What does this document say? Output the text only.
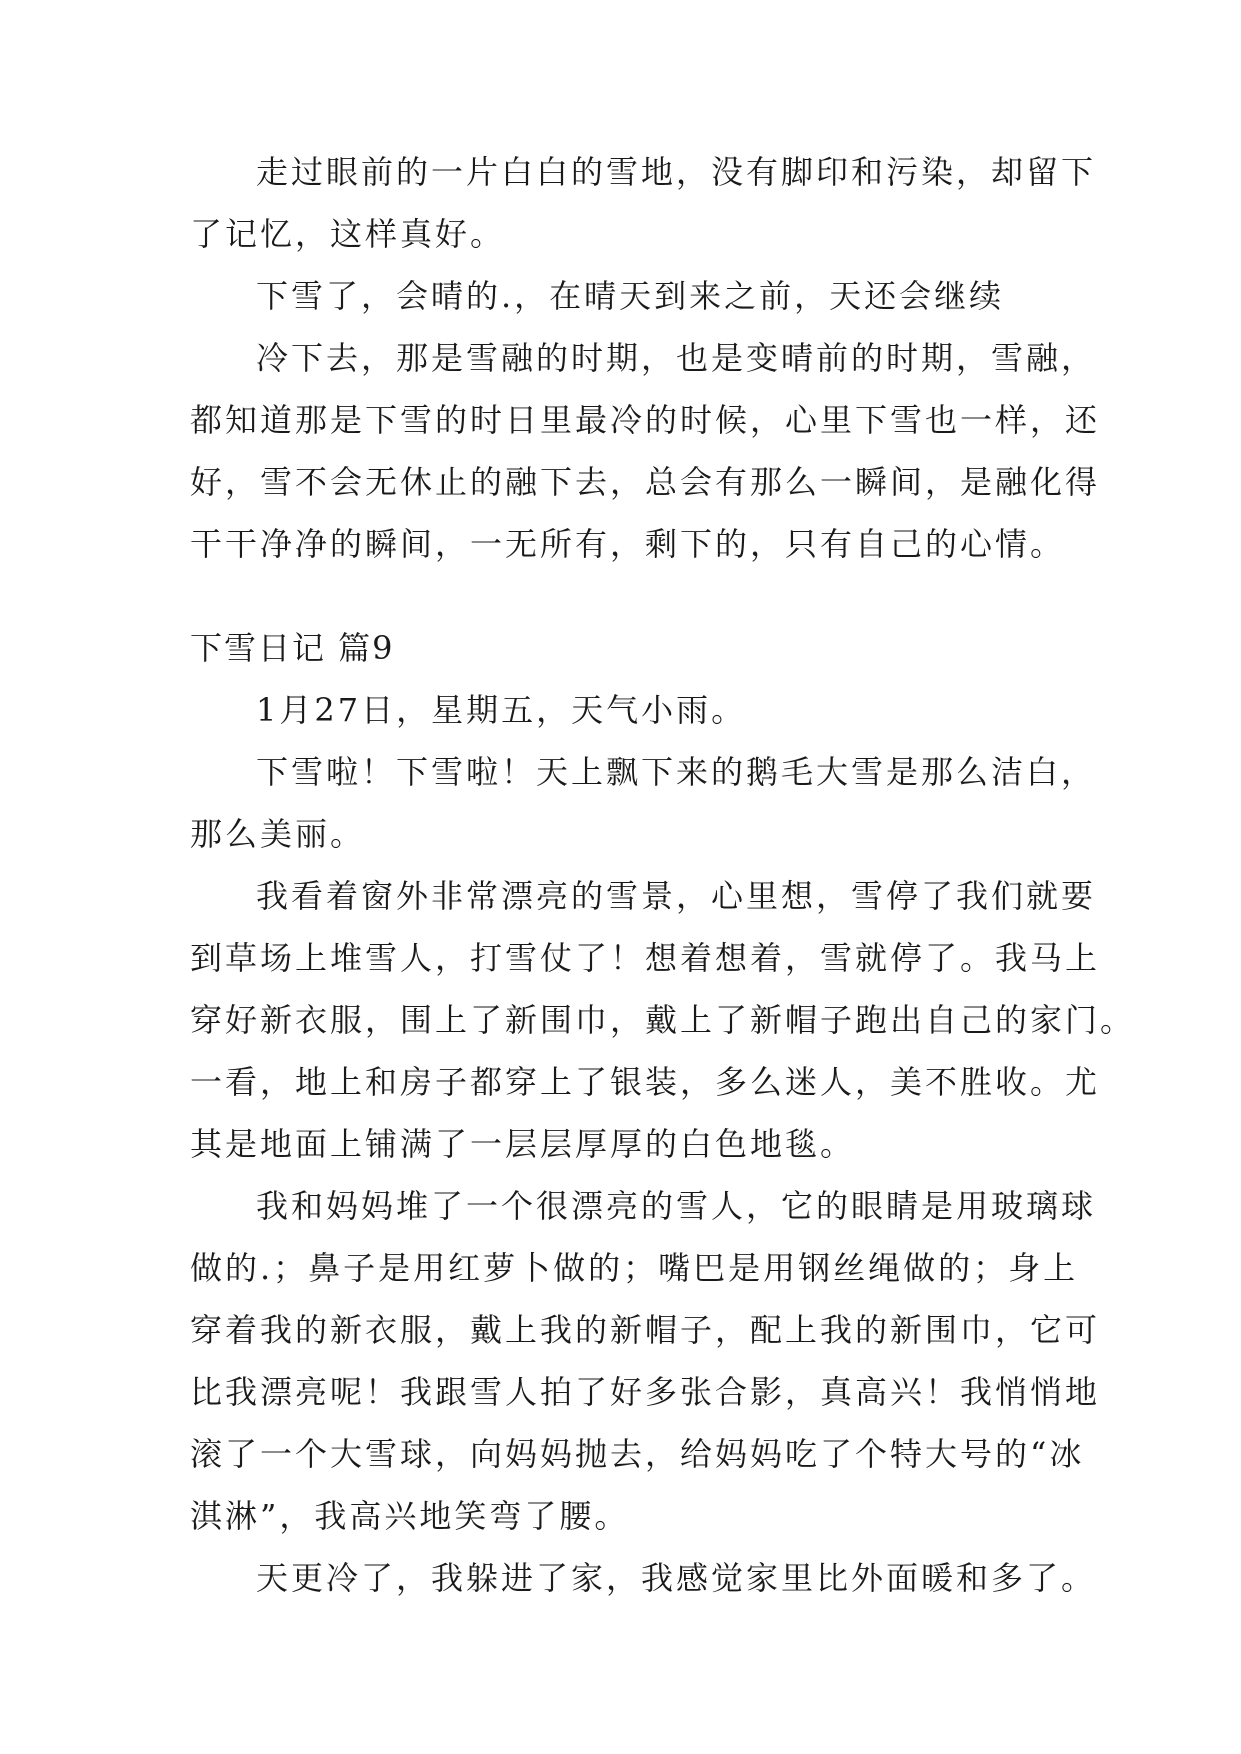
走过眼前的一片白白的雪地，没有脚印和污染，却留下

了记忆，这样真好。

下雪了，会晴的.，在晴天到来之前，天还会继续

冷下去，那是雪融的时期，也是变晴前的时期，雪融，

都知道那是下雪的时日里最冷的时候，心里下雪也一样，还

好，雪不会无休止的融下去，总会有那么一瞬间，是融化得

干干净净的瞬间，一无所有，剩下的，只有自己的心情。

下雪日记 篇9

1月27日，星期五，天气小雨。

下雪啦！下雪啦！天上飘下来的鹅毛大雪是那么洁白，

那么美丽。

我看着窗外非常漂亮的雪景，心里想，雪停了我们就要

到草场上堆雪人，打雪仗了！想着想着，雪就停了。我马上

穿好新衣服，围上了新围巾，戴上了新帽子跑出自己的家门。

一看，地上和房子都穿上了银装，多么迷人，美不胜收。尤

其是地面上铺满了一层层厚厚的白色地毯。

我和妈妈堆了一个很漂亮的雪人，它的眼睛是用玻璃球

做的.；鼻子是用红萝卜做的；嘴巴是用钢丝绳做的；身上

穿着我的新衣服，戴上我的新帽子，配上我的新围巾，它可

比我漂亮呢！我跟雪人拍了好多张合影，真高兴！我悄悄地

滚了一个大雪球，向妈妈抛去，给妈妈吃了个特大号的“冰

淇淋”，我高兴地笑弯了腰。

天更冷了，我躲进了家，我感觉家里比外面暖和多了。
